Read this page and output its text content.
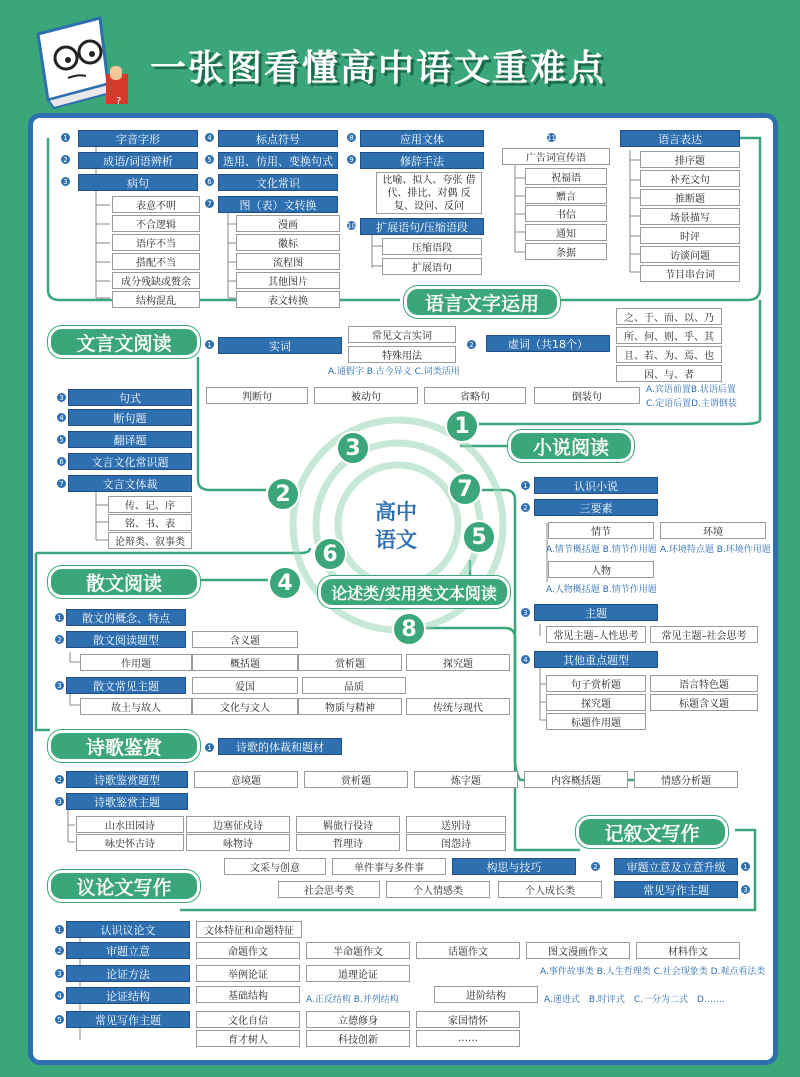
?
一张图看懂高中语文重难点
1	字音字形
2	成语/词语辨析
3	病句
表意不明
不合逻辑
语序不当
搭配不当
成分残缺或赘余
结构混乱
4	标点符号
5	选用、仿用、变换句式
6	文化常识
7	图（表）文转换
漫画
徽标
流程图
其他图片
表文转换
8	应用文体
9	修辞手法
比喻、拟人、夸张 借代、排比、对偶 反复、设问、反问
10	扩展语句/压缩语段
压缩语段
扩展语句
广告词宣传语
祝福语
赠言
书信
通知
条据
11	语言表达
排序题
补充文句
推断题
场景描写
时评
访谈问题
节目串台词
语言文字运用
文言文阅读	1	实词
常见文言实词
特殊用法
A.通假字 B.古今异义 C.词类活用
2	虚词（共18个）
之、于、而、以、乃
所、何、则、乎、其
且、若、为、焉、也
因、与、者
3	句式	判断句	被动句	省略句	倒装句
A.宾语前置B.状语后置
C.定语后置D.主谓倒装
4	断句题
5	翻译题
6	文言文化常识题
7	文言文体裁
传、记、序
铭、书、表
论辩类、叙事类
高中
语文
1
2
3
4
5
6
7
8
小说阅读
1	认识小说
2	三要素
情节	环境
A.情节概括题 B.情节作用题 A.环境特点题 B.环境作用题
人物
A.人物概括题 B.情节作用题
3	主题
常见主题–人性思考	常见主题–社会思考
4	其他重点题型
句子赏析题	语言特色题
探究题	标题含义题
标题作用题
论述类/实用类文本阅读
散文阅读
1	散文的概念、特点
2	散文阅读题型	含义题
作用题	概括题	赏析题	探究题
3	散文常见主题	爱国	品质
故土与故人	文化与文人	物质与精神	传统与现代
诗歌鉴赏	1	诗歌的体裁和题材
2	诗歌鉴赏题型	意境题	赏析题	炼字题	内容概括题	情感分析题
3	诗歌鉴赏主题
山水田园诗	边塞征戍诗	羁旅行役诗	送别诗
咏史怀古诗	咏物诗	哲理诗	闺怨诗	记叙文写作
文采与创意	单件事与多件事	构思与技巧	2	审题立意及立意升级	1
社会思考类	个人情感类	个人成长类	常见写作主题	3
议论文写作
1	认识议论文	文体特征和命题特征
2	审题立意	命题作文	半命题作文	话题作文	图文漫画作文	材料作文
A.事件故事类 B.人生哲理类 C.社会现象类 D.观点看法类
3	论证方法	举例论证	道理论证
4	论证结构	基础结构	A.正反结构 B.并列结构	进阶结构	A.递进式　B.时评式　C.一分为二式　D.……
5	常见写作主题	文化自信	立德修身	家国情怀
育才树人	科技创新	……
